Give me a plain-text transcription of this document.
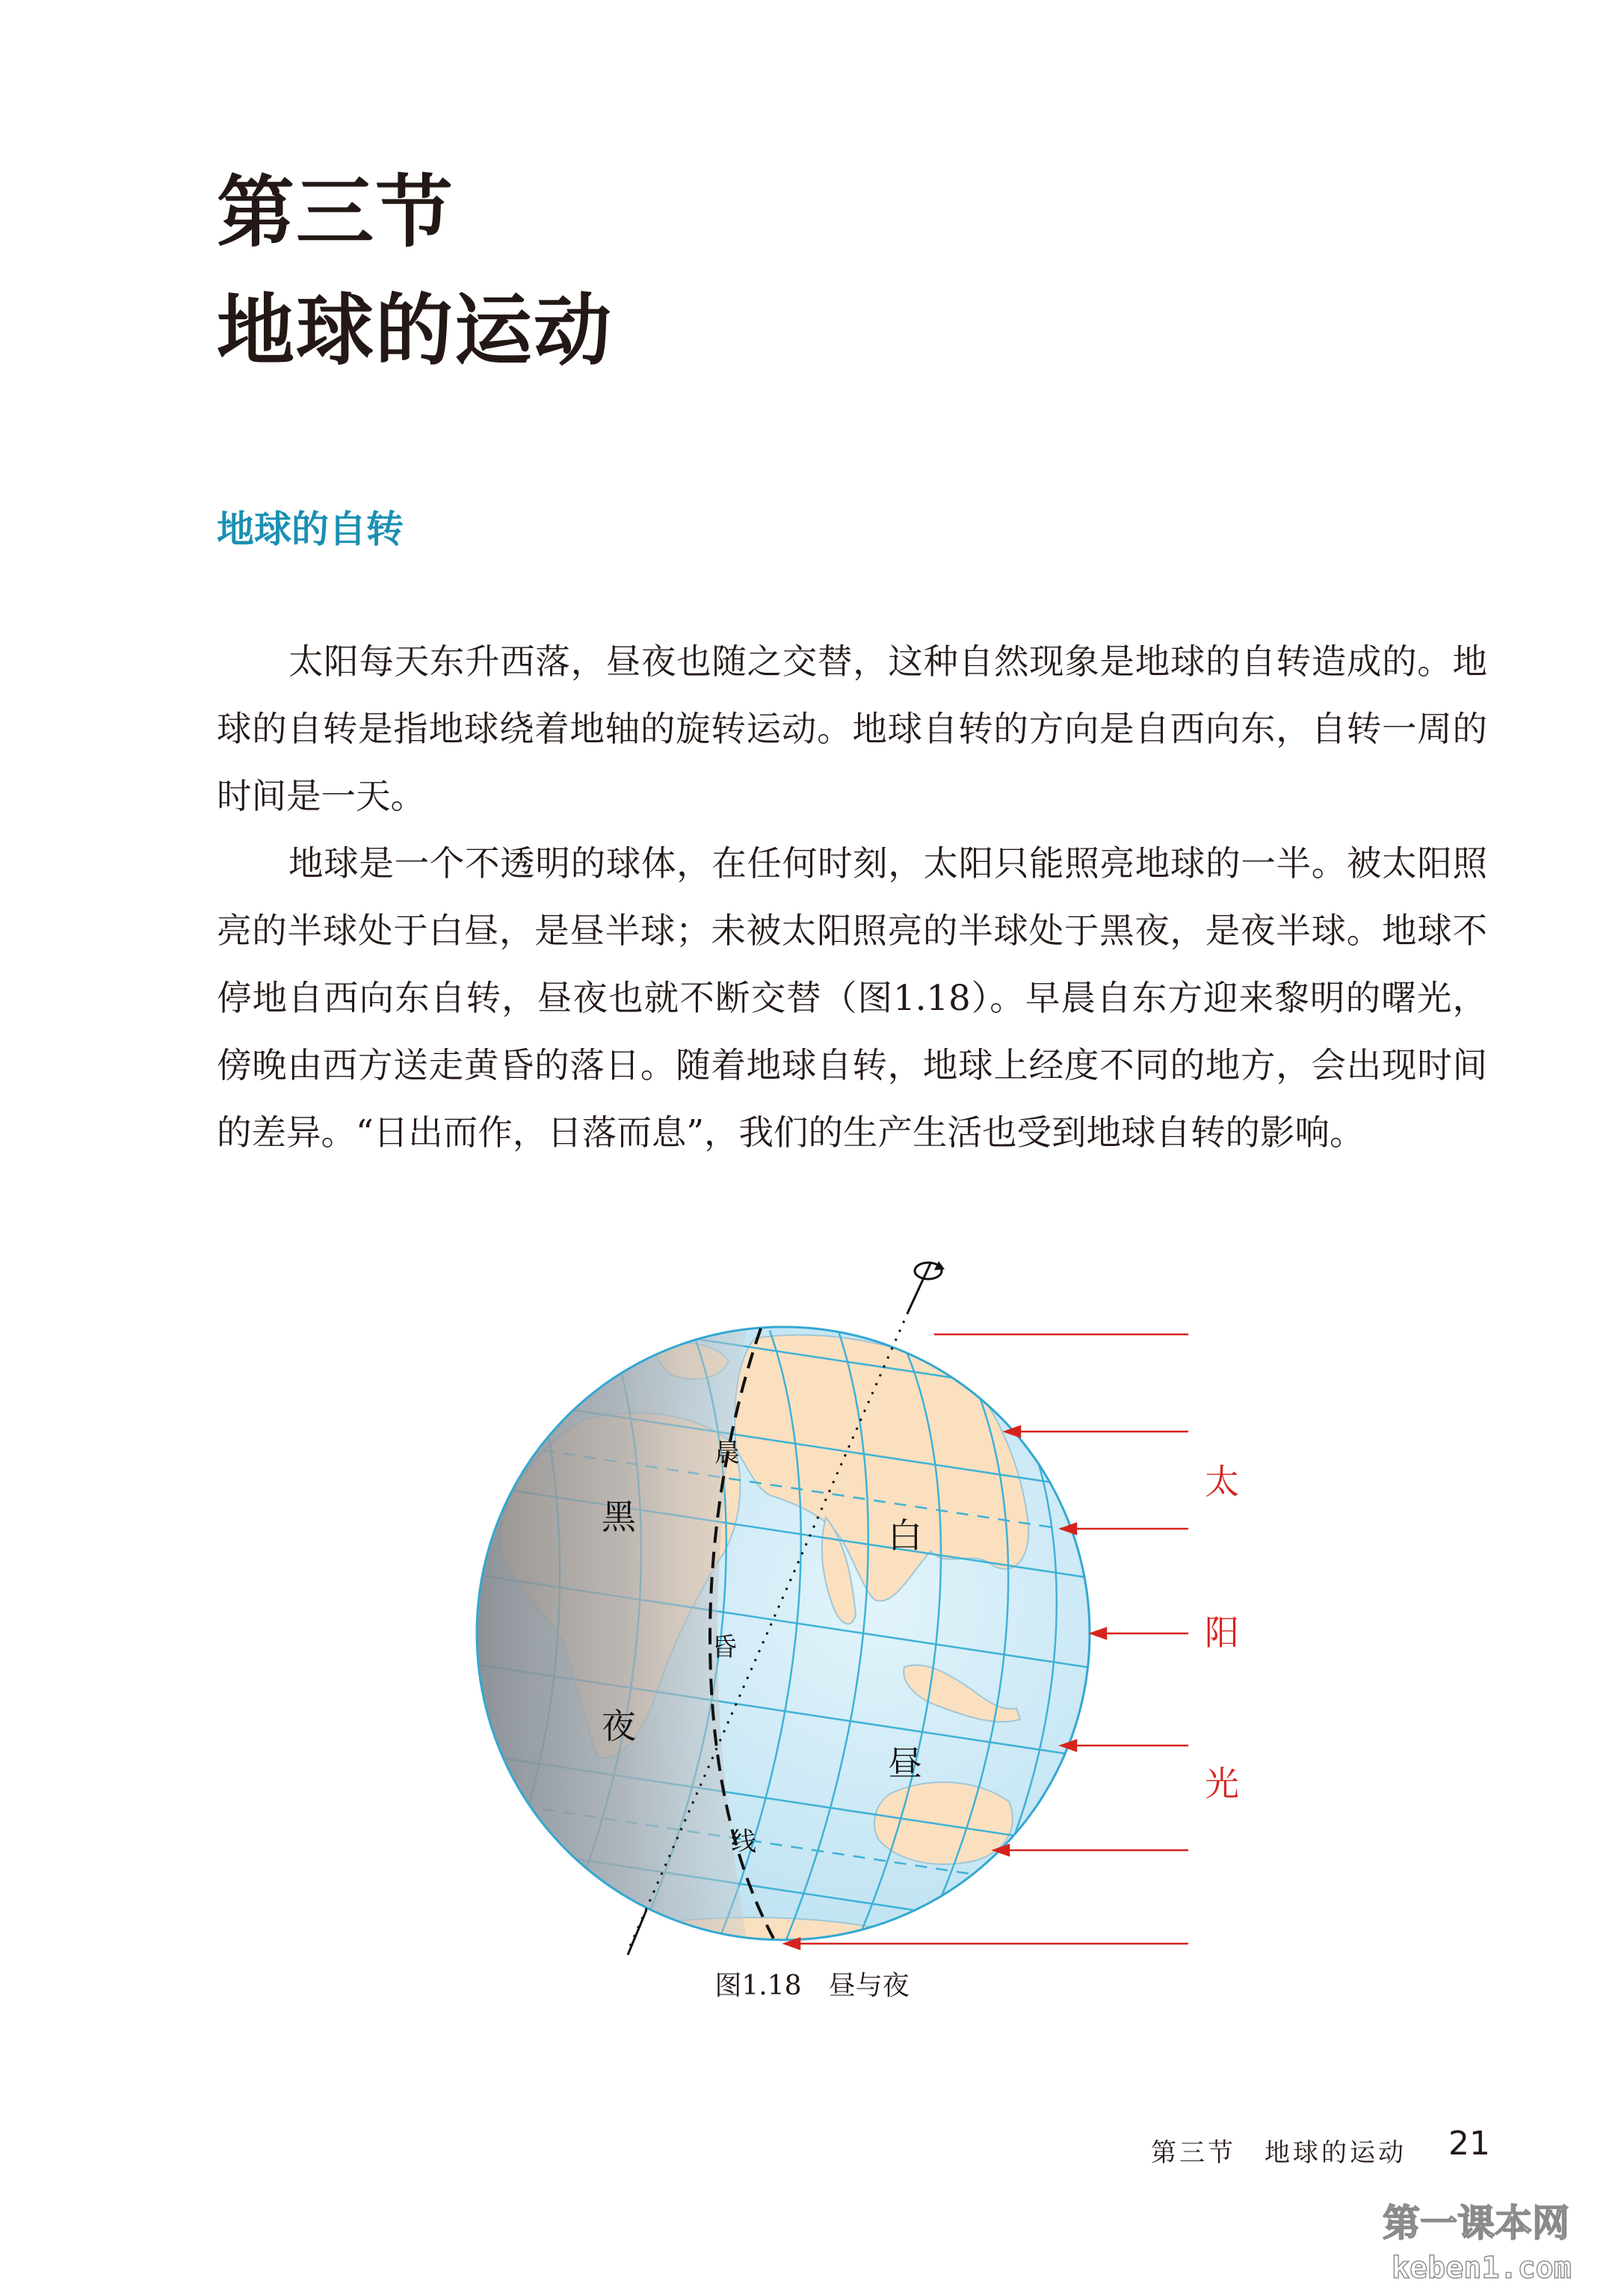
第三节
地球的运动
地球的自转

太阳每天东升西落，昼夜也随之交替，这种自然现象是地球的自转造成的。地球的自转是指地球绕着地轴的旋转运动。地球自转的方向是自西向东，自转一周的时间是一天。

地球是一个不透明的球体，在任何时刻，太阳只能照亮地球的一半。被太阳照亮的半球处于白昼，是昼半球；未被太阳照亮的半球处于黑夜，是夜半球。地球不停地自西向东自转，昼夜也就不断交替（图1.18）。早晨自东方迎来黎明的曙光，傍晚由西方送走黄昏的落日。随着地球自转，地球上经度不同的地方，会出现时间的差异。“日出而作，日落而息”，我们的生产生活也受到地球自转的影响。

黑
夜
白
昼
晨
昏
线
太
阳
光
图1.18　昼与夜
第三节　地球的运动 21
第一课本网
keben1.com
